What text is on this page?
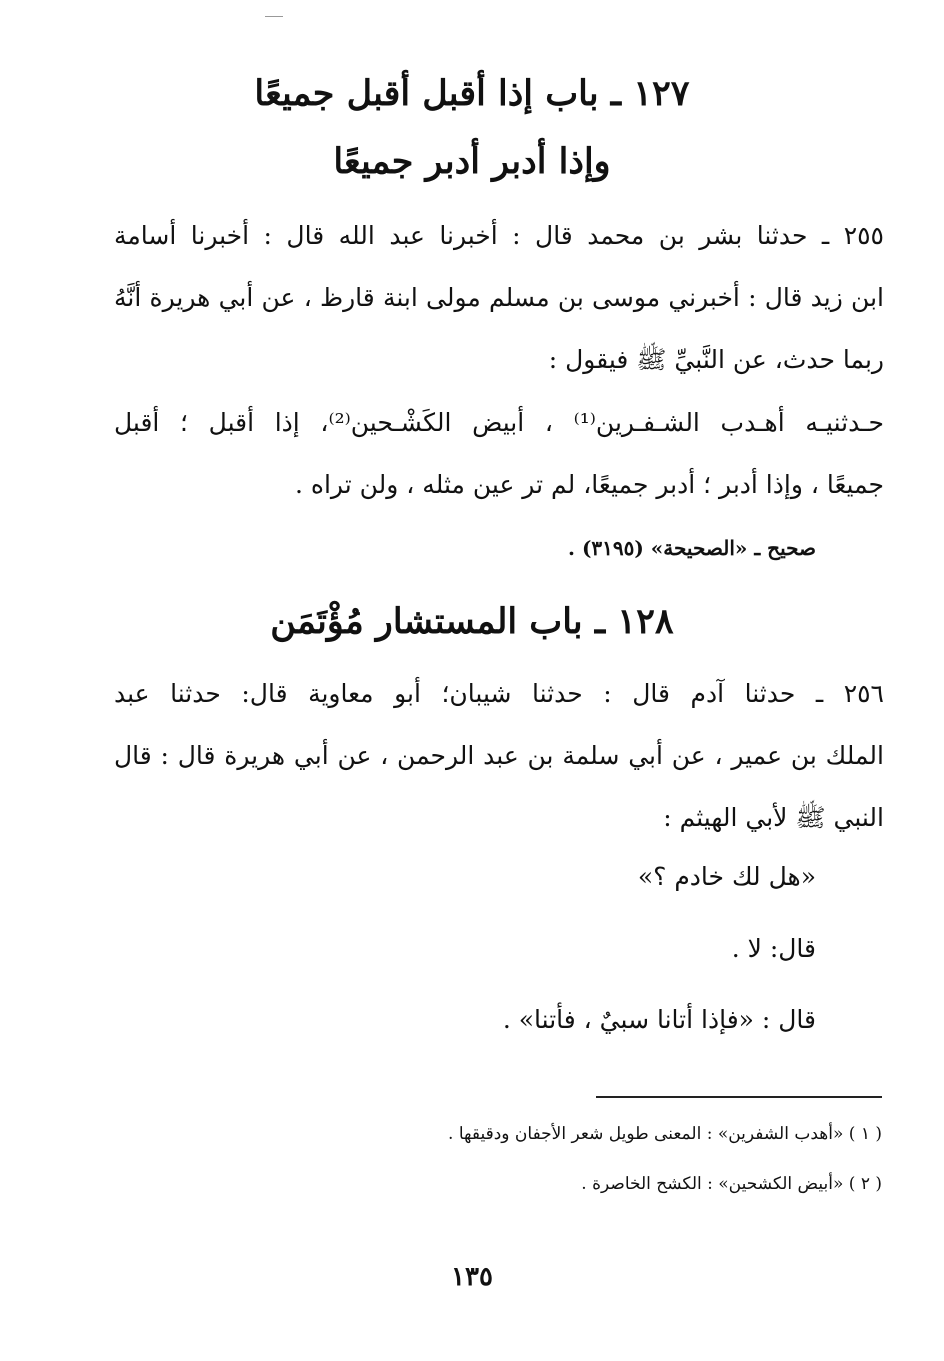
١٢٧ ـ باب إذا أقبل أقبل جميعًا
وإذا أدبر أدبر جميعًا
٢٥٥ ـ حدثنا بشر بن محمد قال : أخبرنا عبد الله قال : أخبرنا أسامة
ابن زيد قال : أخبرني موسى بن مسلم مولى ابنة قارظ ، عن أبي هريرة أنَّهُ
ربما حدث، عن النَّبيِّ ﷺ فيقول :
حـدثنيـه أهـدب الشـفـرين⁽¹⁾ ، أبيض الكَشْـحين⁽²⁾، إذا أقبل ؛ أقبل
جميعًا ، وإذا أدبر ؛ أدبر جميعًا، لم تر عين مثله ، ولن تراه .
صحيح ـ «الصحيحة» (٣١٩٥) .
١٢٨ ـ باب المستشار مُؤْتَمَن
٢٥٦ ـ حدثنا آدم قال : حدثنا شيبان؛ أبو معاوية قال: حدثنا عبد
الملك بن عمير ، عن أبي سلمة بن عبد الرحمن ، عن أبي هريرة قال : قال
النبي ﷺ لأبي الهيثم :
«هل لك خادم ؟»
قال: لا .
قال : «فإذا أتانا سبيٌ ، فأتنا» .
( ١ ) «أهدب الشفرين» : المعنى طويل شعر الأجفان ودقيقها .
( ٢ ) «أبيض الكشحين» : الكشح الخاصرة .
١٣٥
